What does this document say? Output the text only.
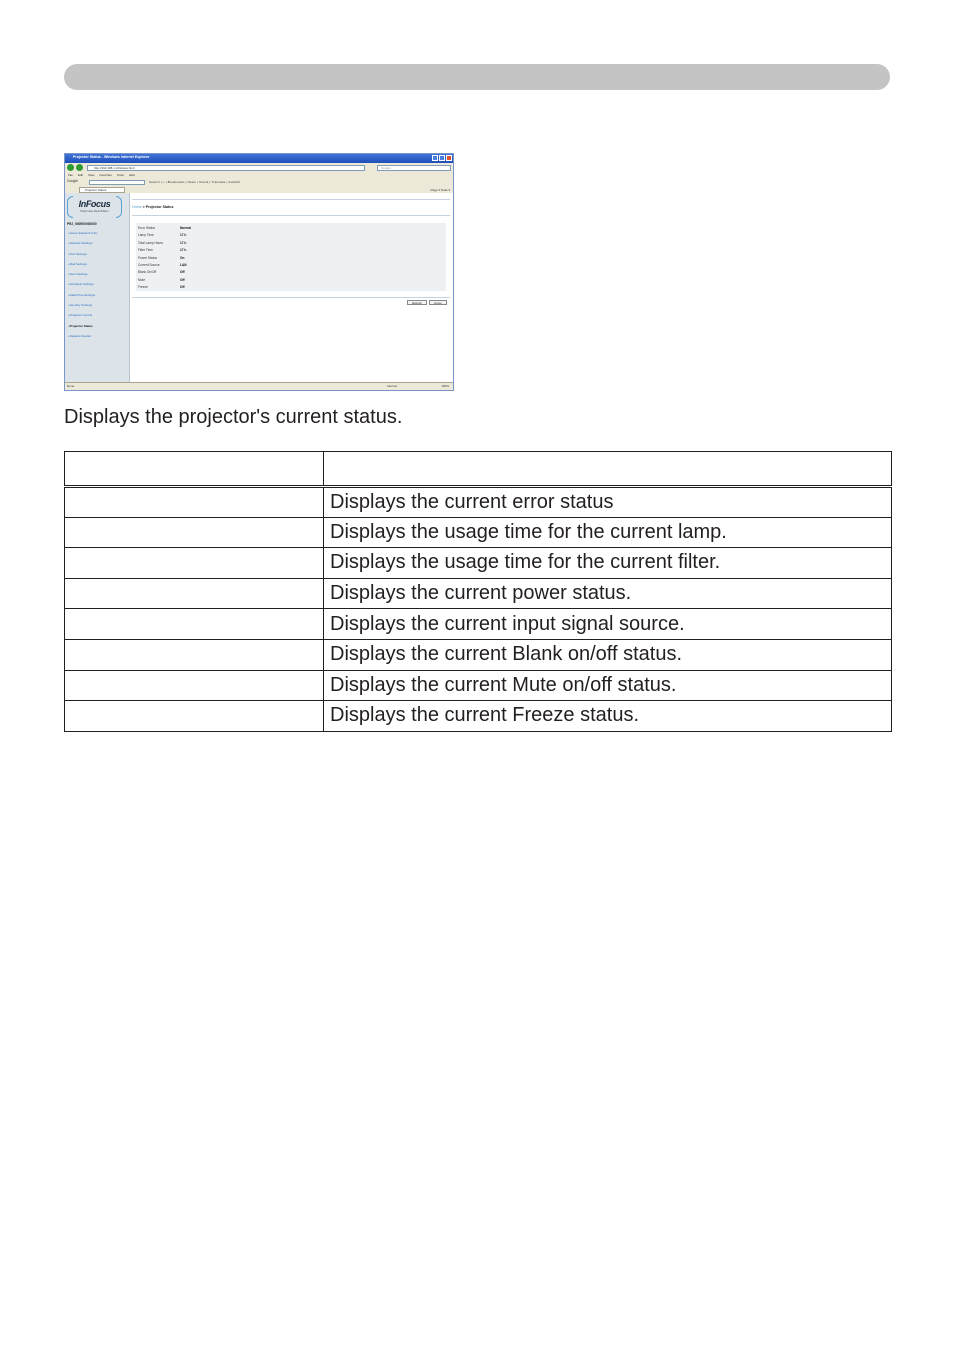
Projector Status - Windows Internet Explorer
http://192.168.1.10/status.html	Google
File Edit View Favorites Tools Help
Google	Search | + | Bookmarks | News | Check | Translate | AutoFill
Projector Status	Page ▾ Tools ▾
InFocus
Bright Ideas Made Brilliant
PRJ_000E00000000
» Home (Network Info)
» Network Settings
» Port Settings
» Mail Settings
» Alert Settings
» Schedule Settings
» Date/Time Settings
» Security Settings
» Projector Control
» Projector Status
» Network Restart
Home > Projector Status
Error Status	Normal
Lamp Time	17 h
Total Lamp Hours	17 h
Filter Time	17 h
Power Status	On
Current Source	LAN
Blank On/Off	Off
Mute	Off
Freeze	Off
Refresh	Home
Done	Internet	100%
Displays the projector's current status.

	Displays the current error status
	Displays the usage time for the current lamp.
	Displays the usage time for the current filter.
	Displays the current power status.
	Displays the current input signal source.
	Displays the current Blank on/off status.
	Displays the current Mute on/off status.
	Displays the current Freeze status.
